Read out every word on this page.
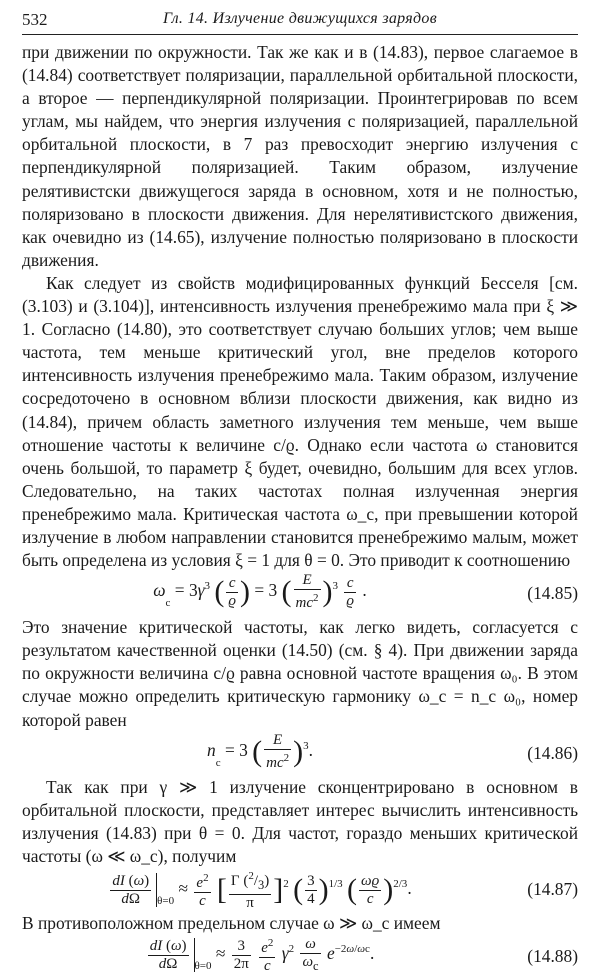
532	Гл. 14. Излучение движущихся зарядов

при движении по окружности. Так же как и в (14.83), первое слагаемое в (14.84) соответствует поляризации, параллельной орбитальной плоскости, а второе — перпендикулярной поляризации. Проинтегрировав по всем углам, мы найдем, что энергия излучения с поляризацией, параллельной орбитальной плоскости, в 7 раз превосходит энергию излучения с перпендикулярной поляризацией. Таким образом, излучение релятивистски движущегося заряда в основном, хотя и не полностью, поляризовано в плоскости движения. Для нерелятивистского движения, как очевидно из (14.65), излучение полностью поляризовано в плоскости движения.

Как следует из свойств модифицированных функций Бесселя [см. (3.103) и (3.104)], интенсивность излучения пренебрежимо мала при ξ ≫ 1. Согласно (14.80), это соответствует случаю больших углов; чем выше частота, тем меньше критический угол, вне пределов которого интенсивность излучения пренебрежимо мала. Таким образом, излучение сосредоточено в основном вблизи плоскости движения, как видно из (14.84), причем область заметного излучения тем меньше, чем выше отношение частоты к величине c/ϱ. Однако если частота ω становится очень большой, то параметр ξ будет, очевидно, большим для всех углов. Следовательно, на таких частотах полная излученная энергия пренебрежимо мала. Критическая частота ω_c, при превышении которой излучение в любом направлении становится пренебрежимо малым, может быть определена из условия ξ = 1 для θ = 0. Это приводит к соотношению

$\omega_c = 3\gamma^3$ ( $\frac{c}{ϱ}$ ) = 3 ( $\frac{E}{mc^2} )^3 \frac{c}{ϱ}$ .	(14.85)

Это значение критической частоты, как легко видеть, согласуется с результатом качественной оценки (14.50) (см. § 4). При движении заряда по окружности величина c/ϱ равна основной частоте вращения ω₀. В этом случае можно определить критическую гармонику ω_c = n_c ω₀, номер которой равен

$n_c = 3$ ( $\frac{E}{mc^2} )^3$.	(14.86)

Так как при γ ≫ 1 излучение сконцентрировано в основном в орбитальной плоскости, представляет интерес вычислить интенсивность излучения (14.83) при θ = 0. Для частот, гораздо меньших критической частоты (ω ≪ ω_c), получим

$\frac{dI (\omega)}{d\Omega} _{\theta=0} \approx \frac{e^2}{c}$ [ $\frac{\Gamma (^2/_3)}{\pi} ]^2$ ( $\frac{3}{4} )^{1/3}$ ( $\frac{\omega ϱ}{c} )^{2/3}$.	(14.87)

В противоположном предельном случае ω ≫ ω_c имеем

$\frac{dI (\omega)}{d\Omega} _{\theta=0} \approx \frac{3}{2\pi}$
$\frac{e^2}{c} \gamma^2 \frac{\omega}{\omega_c} e^{-2\omega/\omega c}$.	(14.88)
